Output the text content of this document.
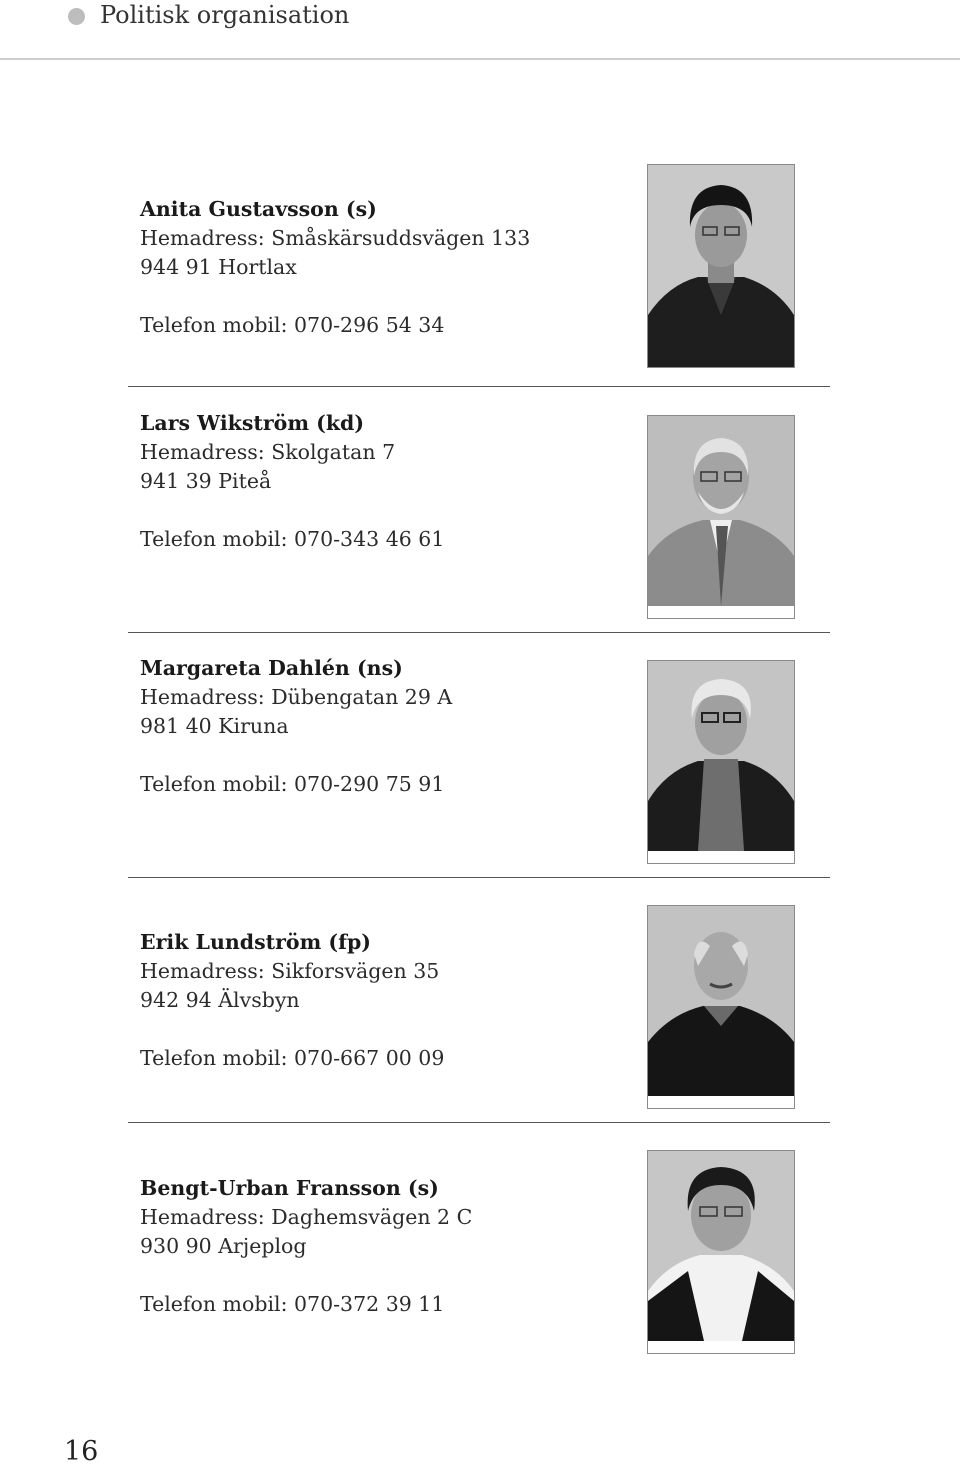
Politisk organisation
Anita Gustavsson (s)
Hemadress: Småskärsuddsvägen 133
944 91 Hortlax
Telefon mobil: 070-296 54 34
Lars Wikström (kd)
Hemadress: Skolgatan 7
941 39 Piteå
Telefon mobil: 070-343 46 61
Margareta Dahlén (ns)
Hemadress: Dübengatan 29 A
981 40 Kiruna
Telefon mobil: 070-290 75 91
Erik Lundström (fp)
Hemadress: Sikforsvägen 35
942 94 Älvsbyn
Telefon mobil: 070-667 00 09
Bengt-Urban Fransson (s)
Hemadress: Daghemsvägen 2 C
930 90 Arjeplog
Telefon mobil: 070-372 39 11
16
